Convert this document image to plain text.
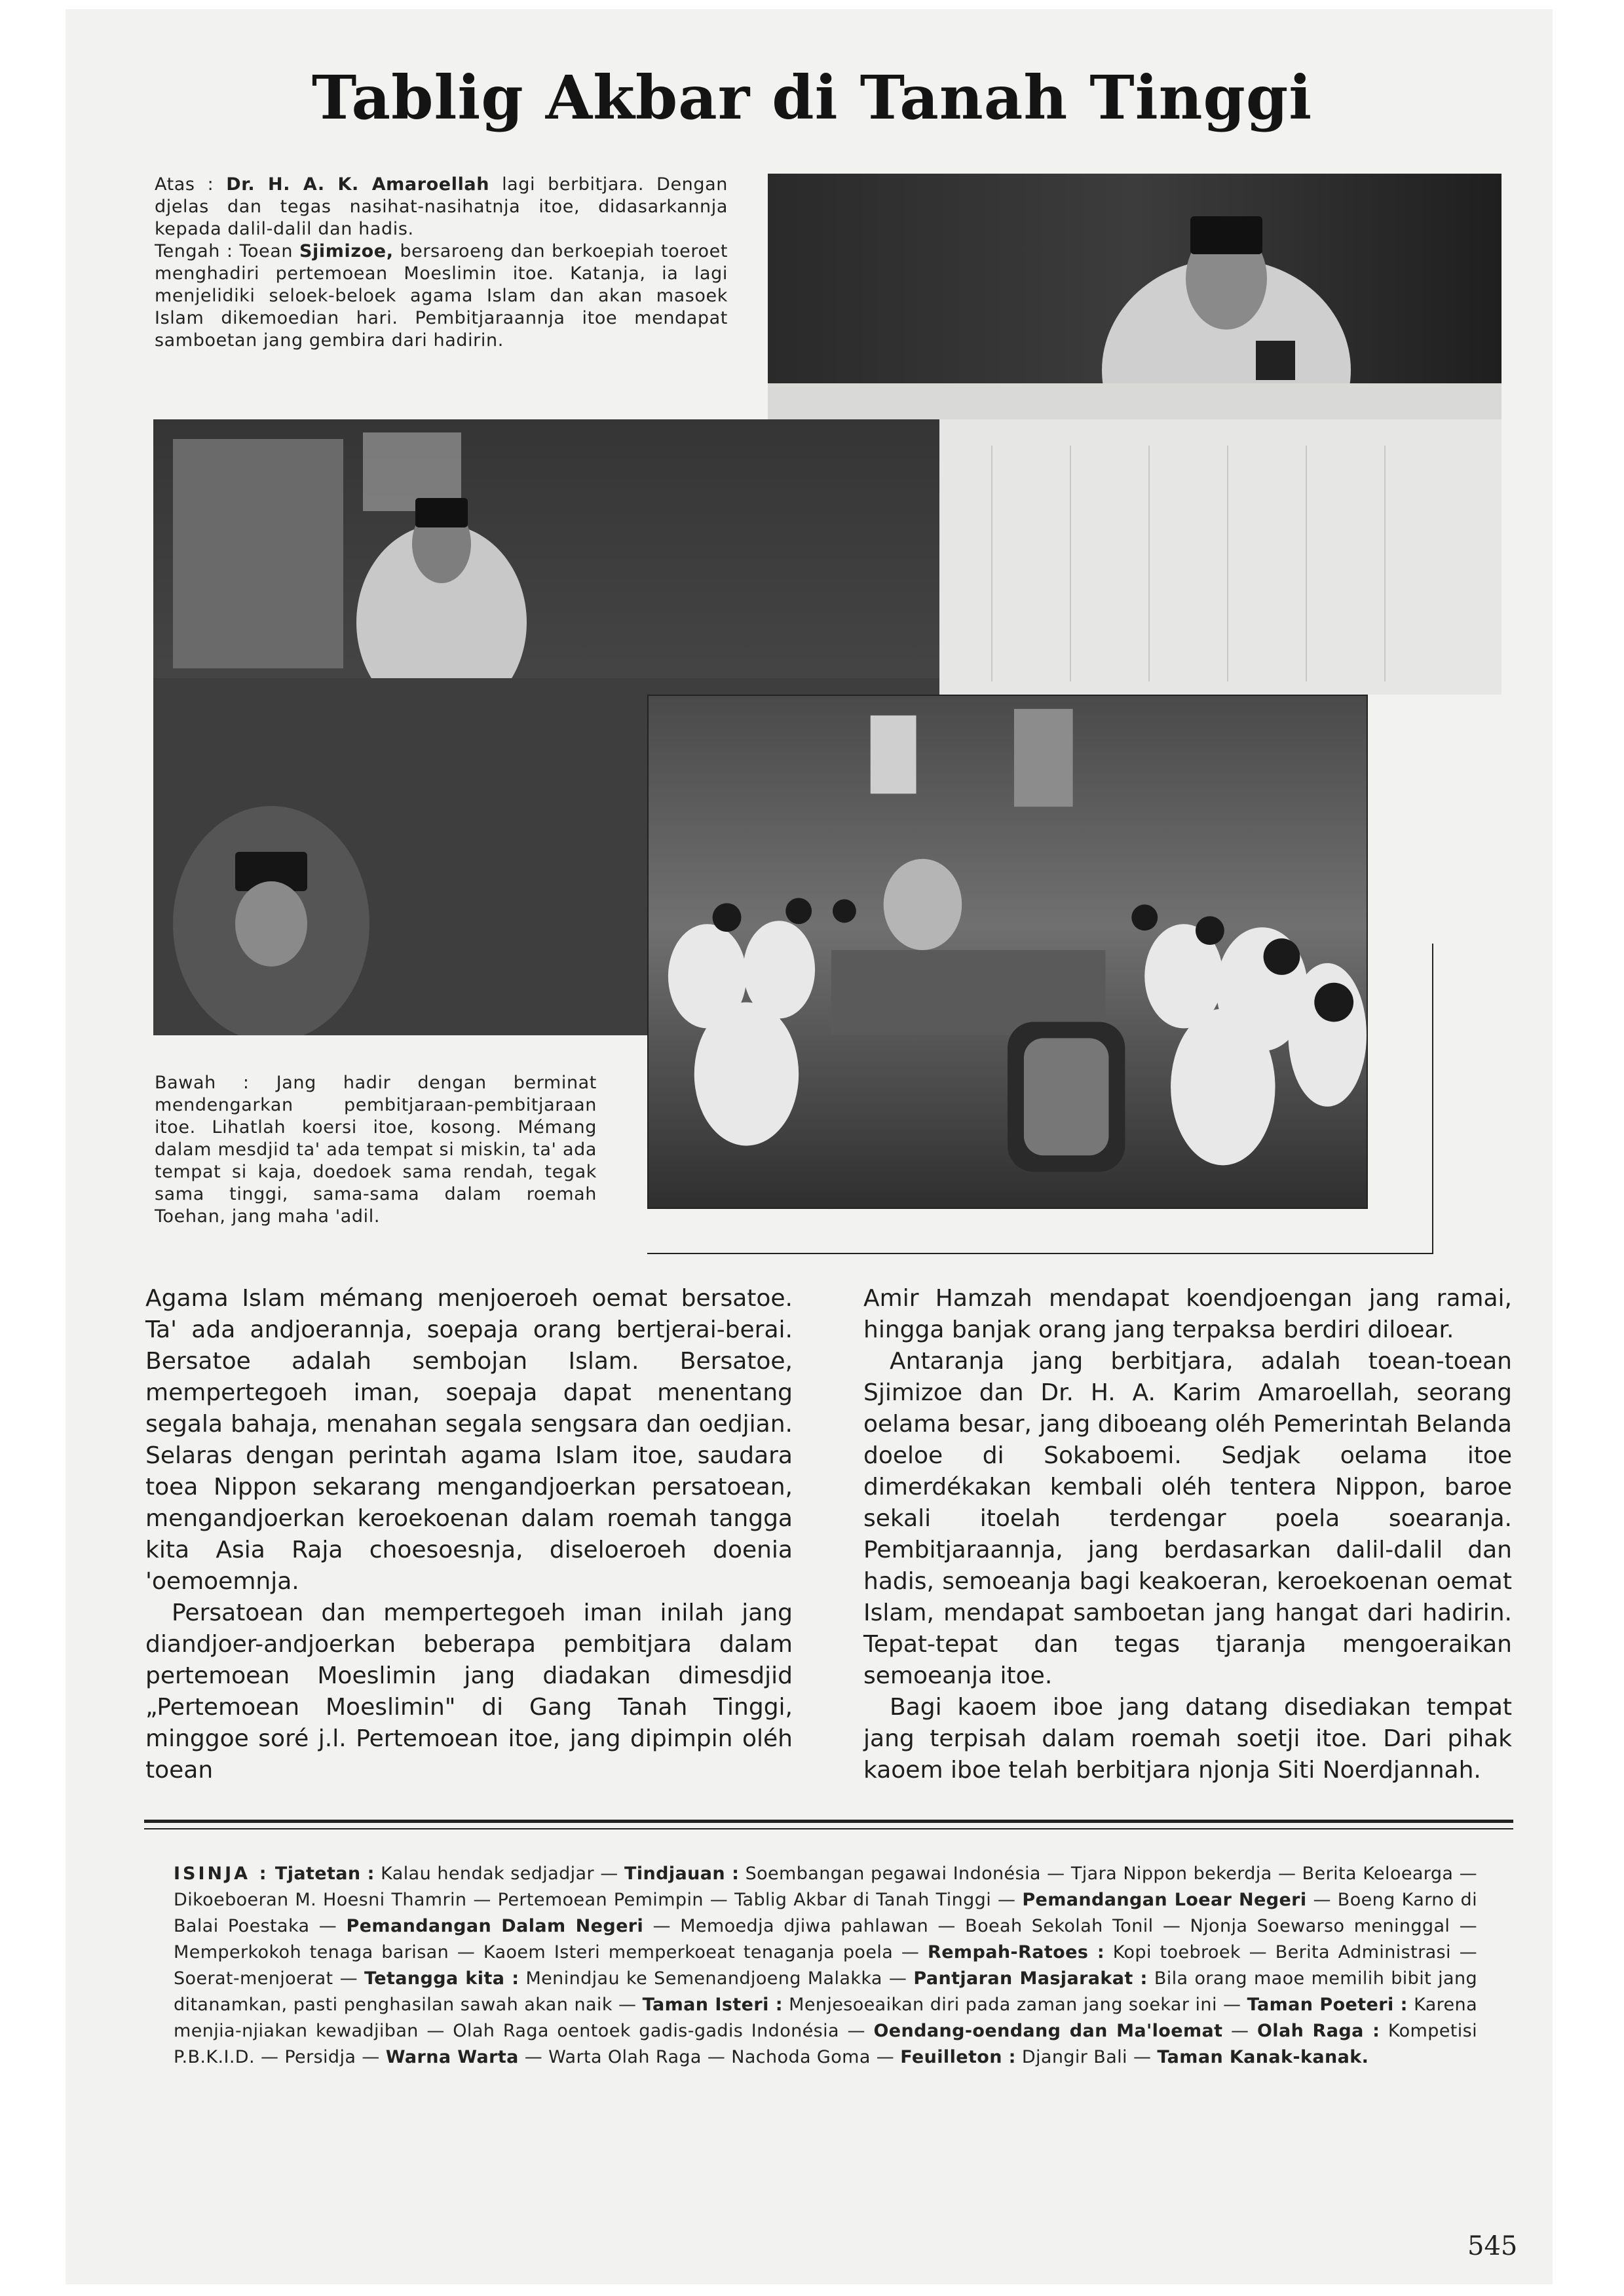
Tablig Akbar di Tanah Tinggi

Atas : Dr. H. A. K. Amaroellah lagi berbitjara. Dengan djelas dan tegas nasihat-nasihatnja itoe, didasarkannja kepada dalil-dalil dan hadis.
Tengah : Toean Sjimizoe, bersaroeng dan berkoepiah toeroet menghadiri pertemoean Moeslimin itoe. Katanja, ia lagi menjelidiki seloek-beloek agama Islam dan akan masoek Islam dikemoedian hari. Pembitjaraannja itoe mendapat samboetan jang gembira dari hadirin.

Bawah : Jang hadir dengan berminat mendengarkan pembitjaraan-pembitjaraan itoe. Lihatlah koersi itoe, kosong. Mémang dalam mesdjid ta' ada tempat si miskin, ta' ada tempat si kaja, doedoek sama rendah, tegak sama tinggi, sama-sama dalam roemah Toehan, jang maha 'adil.

Agama Islam mémang menjoeroeh oemat bersatoe. Ta' ada andjoerannja, soepaja orang bertjerai-berai. Bersatoe adalah sembojan Islam. Bersatoe, mempertegoeh iman, soepaja dapat menentang segala bahaja, menahan segala sengsara dan oedjian. Selaras dengan perintah agama Islam itoe, saudara toea Nippon sekarang mengandjoerkan persatoean, mengandjoerkan keroekoenan dalam roemah tangga kita Asia Raja choesoesnja, diseloeroeh doenia 'oemoemnja.

Persatoean dan mempertegoeh iman inilah jang diandjoer-andjoerkan beberapa pembitjara dalam pertemoean Moeslimin jang diadakan dimesdjid „Pertemoean Moeslimin" di Gang Tanah Tinggi, minggoe soré j.l. Pertemoean itoe, jang dipimpin oléh toean

Amir Hamzah mendapat koendjoengan jang ramai, hingga banjak orang jang terpaksa berdiri diloear.

Antaranja jang berbitjara, adalah toean-toean Sjimizoe dan Dr. H. A. Karim Amaroellah, seorang oelama besar, jang diboeang oléh Pemerintah Belanda doeloe di Sokaboemi. Sedjak oelama itoe dimerdékakan kembali oléh tentera Nippon, baroe sekali itoelah terdengar poela soearanja. Pembitjaraannja, jang berdasarkan dalil-dalil dan hadis, semoeanja bagi keakoeran, keroekoenan oemat Islam, mendapat samboetan jang hangat dari hadirin. Tepat-tepat dan tegas tjaranja mengoeraikan semoeanja itoe.

Bagi kaoem iboe jang datang disediakan tempat jang terpisah dalam roemah soetji itoe. Dari pihak kaoem iboe telah berbitjara njonja Siti Noerdjannah.

ISINJA : Tjatetan : Kalau hendak sedjadjar — Tindjauan : Soembangan pegawai Indonésia — Tjara Nippon bekerdja — Berita Keloearga — Dikoeboeran M. Hoesni Thamrin — Pertemoean Pemimpin — Tablig Akbar di Tanah Tinggi — Pemandangan Loear Negeri — Boeng Karno di Balai Poestaka — Pemandangan Dalam Negeri — Memoedja djiwa pahlawan — Boeah Sekolah Tonil — Njonja Soewarso meninggal — Memperkokoh tenaga barisan — Kaoem Isteri memperkoeat tenaganja poela — Rempah-Ratoes : Kopi toebroek — Berita Administrasi — Soerat-menjoerat — Tetangga kita : Menindjau ke Semenandjoeng Malakka — Pantjaran Masjarakat : Bila orang maoe memilih bibit jang ditanamkan, pasti penghasilan sawah akan naik — Taman Isteri : Menjesoeaikan diri pada zaman jang soekar ini — Taman Poeteri : Karena menjia-njiakan kewadjiban — Olah Raga oentoek gadis-gadis Indonésia — Oendang-oendang dan Ma'loemat — Olah Raga : Kompetisi P.B.K.I.D. — Persidja — Warna Warta — Warta Olah Raga — Nachoda Goma — Feuilleton : Djangir Bali — Taman Kanak-kanak.

545
